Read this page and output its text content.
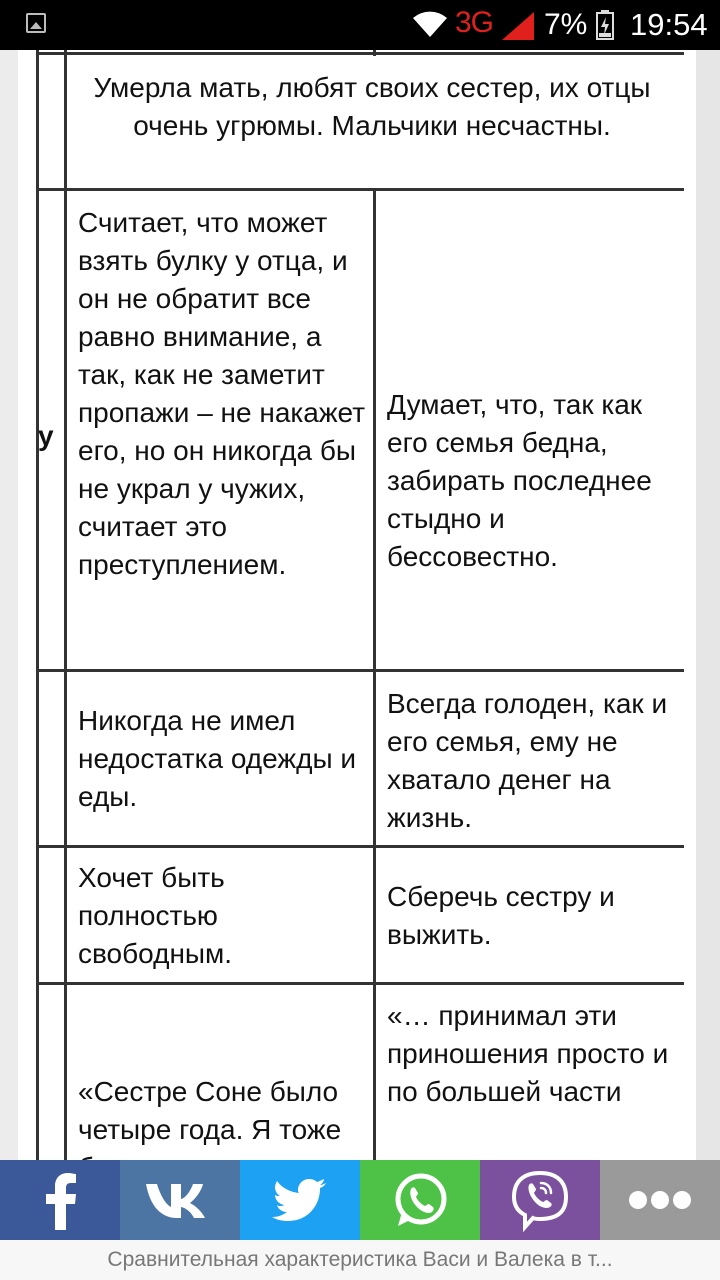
3G 7% 19:54

Умерла мать, любят своих сестер, их отцы очень угрюмы. Мальчики несчастны.

у

Считает, что может взять булку у отца, и он не обратит все равно внимание, а так, как не заметит пропажи – не накажет его, но он никогда бы не украл у чужих, считает это преступлением.

Думает, что, так как его семья бедна, забирать последнее стыдно и бессовестно.

Никогда не имел недостатка одежды и еды.

Всегда голоден, как и его семья, ему не хватало денег на жизнь.

Хочет быть полностью свободным.

Сберечь сестру и выжить.

«Сестре Соне было четыре года. Я тоже

«… принимал эти приношения просто и по большей части

Сравнительная характеристика Васи и Валека в т...
